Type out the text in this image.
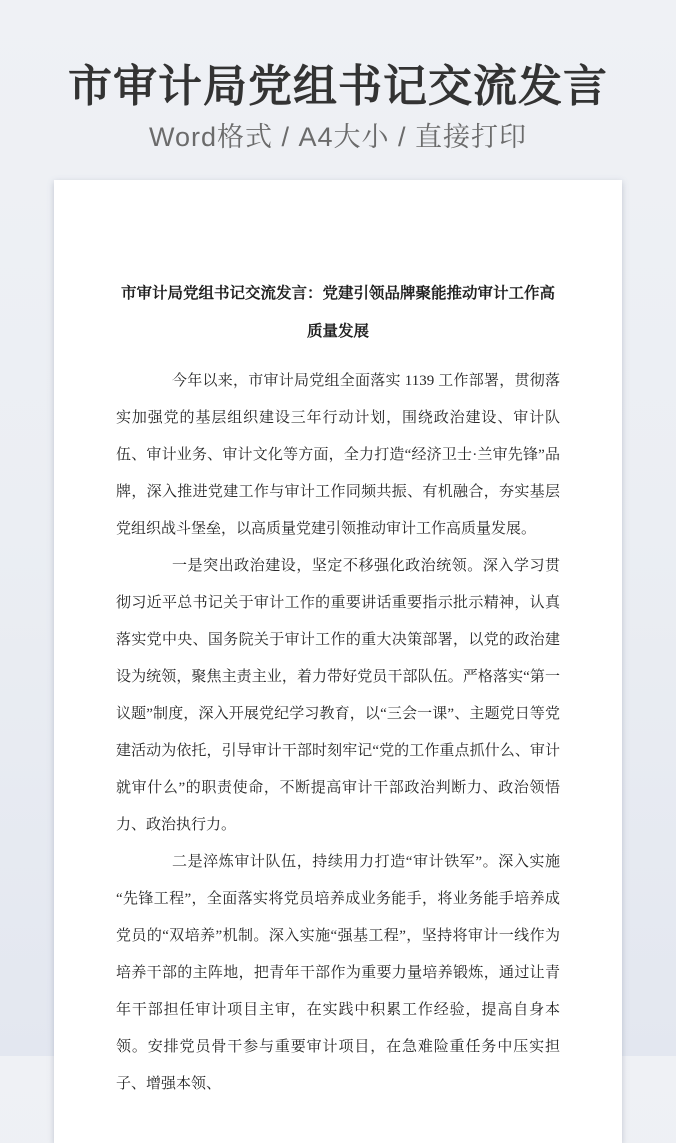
市审计局党组书记交流发言

Word格式 / A4大小 / 直接打印

市审计局党组书记交流发言：党建引领品牌聚能推动审计工作高质量发展

今年以来，市审计局党组全面落实 1139 工作部署，贯彻落实加强党的基层组织建设三年行动计划，围绕政治建设、审计队伍、审计业务、审计文化等方面，全力打造“经济卫士·兰审先锋”品牌，深入推进党建工作与审计工作同频共振、有机融合，夯实基层党组织战斗堡垒，以高质量党建引领推动审计工作高质量发展。

一是突出政治建设，坚定不移强化政治统领。深入学习贯彻习近平总书记关于审计工作的重要讲话重要指示批示精神，认真落实党中央、国务院关于审计工作的重大决策部署，以党的政治建设为统领，聚焦主责主业，着力带好党员干部队伍。严格落实“第一议题”制度，深入开展党纪学习教育，以“三会一课”、主题党日等党建活动为依托，引导审计干部时刻牢记“党的工作重点抓什么、审计就审什么”的职责使命，不断提高审计干部政治判断力、政治领悟力、政治执行力。

二是淬炼审计队伍，持续用力打造“审计铁军”。深入实施“先锋工程”，全面落实将党员培养成业务能手，将业务能手培养成党员的“双培养”机制。深入实施“强基工程”，坚持将审计一线作为培养干部的主阵地，把青年干部作为重要力量培养锻炼，通过让青年干部担任审计项目主审，在实践中积累工作经验，提高自身本领。安排党员骨干参与重要审计项目，在急难险重任务中压实担子、增强本领、
